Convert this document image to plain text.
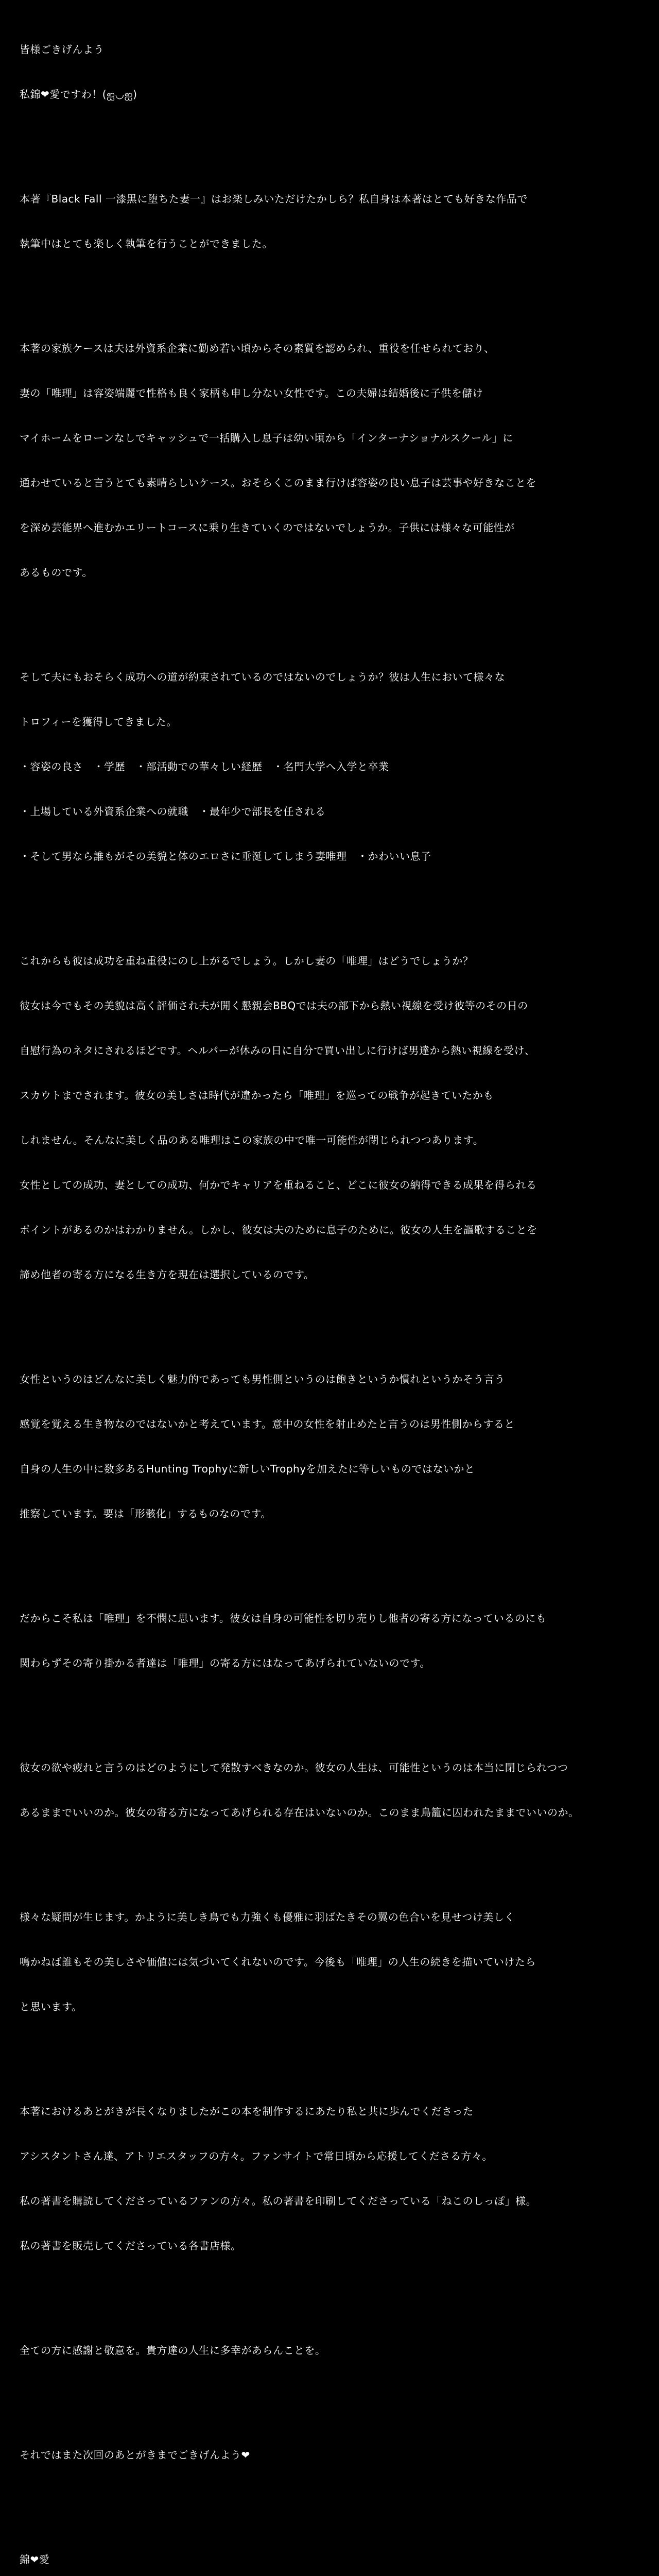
皆様ごきげんよう

私錦❤愛ですわ！(ஐ◡ஐ)

本著『Black Fall 一漆黒に堕ちた妻一』はお楽しみいただけたかしら？私自身は本著はとても好きな作品で

執筆中はとても楽しく執筆を行うことができました。

本著の家族ケースは夫は外資系企業に勤め若い頃からその素質を認められ、重役を任せられており、

妻の「唯理」は容姿端麗で性格も良く家柄も申し分ない女性です。この夫婦は結婚後に子供を儲け

マイホームをローンなしでキャッシュで一括購入し息子は幼い頃から「インターナショナルスクール」に

通わせていると言うとても素晴らしいケース。おそらくこのまま行けば容姿の良い息子は芸事や好きなことを

を深め芸能界へ進むかエリートコースに乗り生きていくのではないでしょうか。子供には様々な可能性が

あるものです。

そして夫にもおそらく成功への道が約束されているのではないのでしょうか？彼は人生において様々な

トロフィーを獲得してきました。

・容姿の良さ　・学歴　・部活動での華々しい経歴　・名門大学へ入学と卒業

・上場している外資系企業への就職　・最年少で部長を任される

・そして男なら誰もがその美貌と体のエロさに垂涎してしまう妻唯理　・かわいい息子

これからも彼は成功を重ね重役にのし上がるでしょう。しかし妻の「唯理」はどうでしょうか？

彼女は今でもその美貌は高く評価され夫が開く懇親会BBQでは夫の部下から熱い視線を受け彼等のその日の

自慰行為のネタにされるほどです。ヘルパーが休みの日に自分で買い出しに行けば男達から熱い視線を受け、

スカウトまでされます。彼女の美しさは時代が違かったら「唯理」を巡っての戦争が起きていたかも

しれません。そんなに美しく品のある唯理はこの家族の中で唯一可能性が閉じられつつあります。

女性としての成功、妻としての成功、何かでキャリアを重ねること、どこに彼女の納得できる成果を得られる

ポイントがあるのかはわかりません。しかし、彼女は夫のために息子のために。彼女の人生を謳歌することを

諦め他者の寄る方になる生き方を現在は選択しているのです。

女性というのはどんなに美しく魅力的であっても男性側というのは飽きというか慣れというかそう言う

感覚を覚える生き物なのではないかと考えています。意中の女性を射止めたと言うのは男性側からすると

自身の人生の中に数多あるHunting Trophyに新しいTrophyを加えたに等しいものではないかと

推察しています。要は「形骸化」するものなのです。

だからこそ私は「唯理」を不憫に思います。彼女は自身の可能性を切り売りし他者の寄る方になっているのにも

関わらずその寄り掛かる者達は「唯理」の寄る方にはなってあげられていないのです。

彼女の欲や疲れと言うのはどのようにして発散すべきなのか。彼女の人生は、可能性というのは本当に閉じられつつ

あるままでいいのか。彼女の寄る方になってあげられる存在はいないのか。このまま鳥籠に囚われたままでいいのか。

様々な疑問が生じます。かように美しき鳥でも力強くも優雅に羽ばたきその翼の色合いを見せつけ美しく

鳴かねば誰もその美しさや価値には気づいてくれないのです。今後も「唯理」の人生の続きを描いていけたら

と思います。

本著におけるあとがきが長くなりましたがこの本を制作するにあたり私と共に歩んでくださった

アシスタントさん達、アトリエスタッフの方々。ファンサイトで常日頃から応援してくださる方々。

私の著書を購読してくださっているファンの方々。私の著書を印刷してくださっている「ねこのしっぽ」様。

私の著書を販売してくださっている各書店様。

全ての方に感謝と敬意を。貴方達の人生に多幸があらんことを。

それではまた次回のあとがきまでごきげんよう❤

錦❤愛
